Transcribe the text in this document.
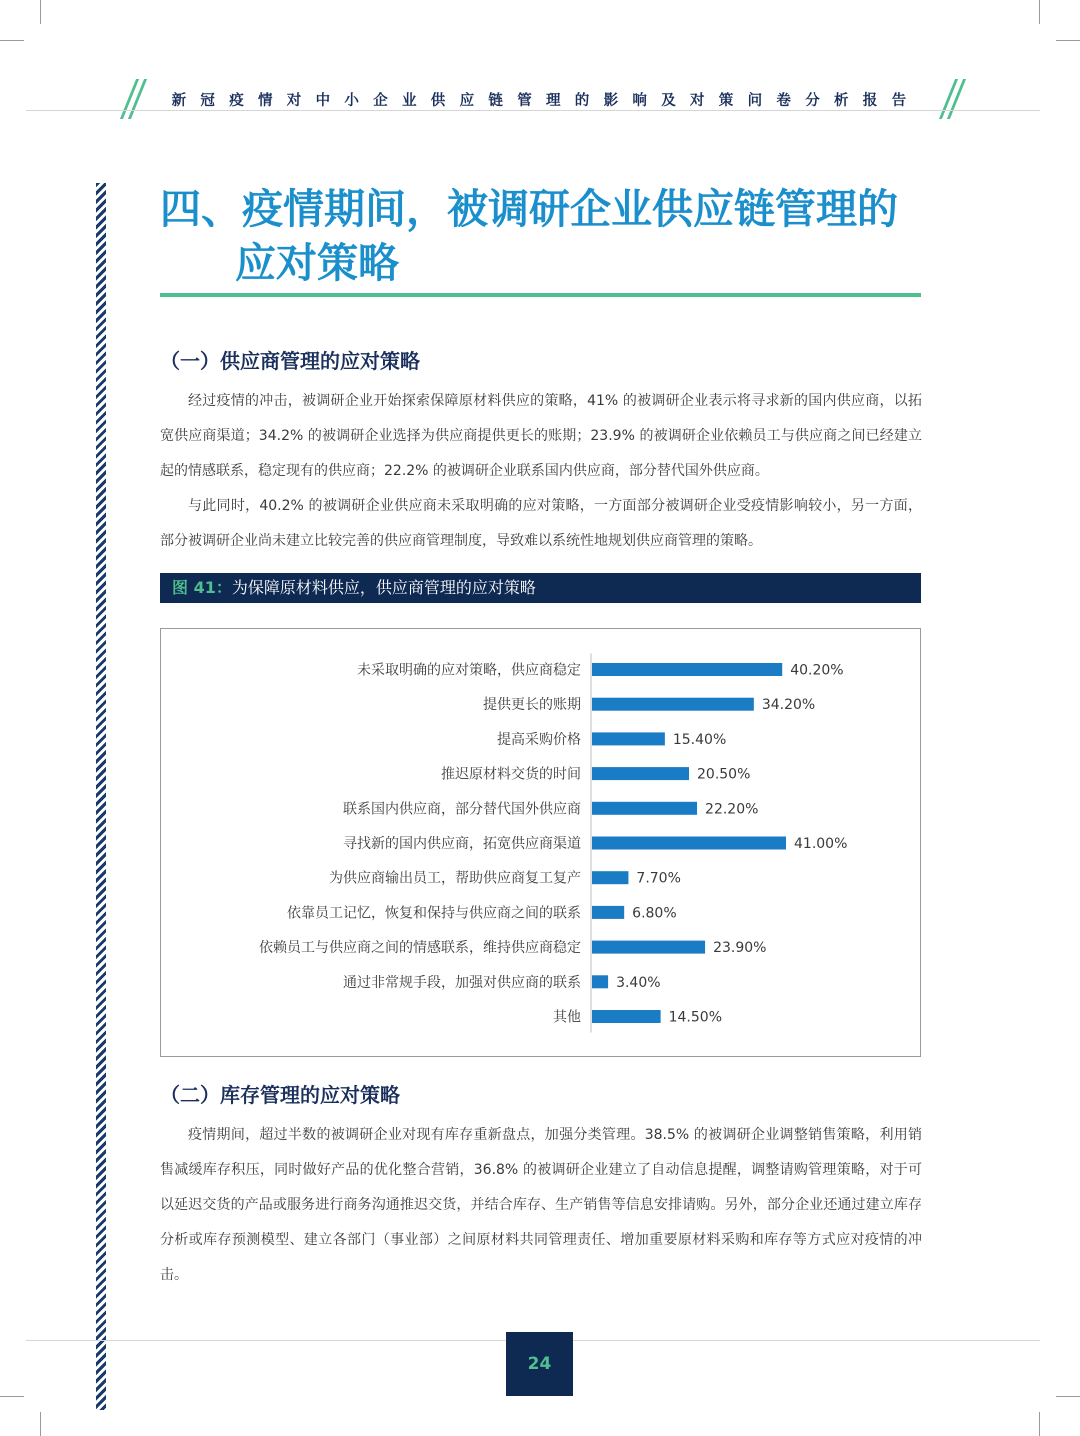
新冠疫情对中小企业供应链管理的影响及对策问卷分析报告
四、疫情期间，被调研企业供应链管理的
应对策略
（一）供应商管理的应对策略

经过疫情的冲击，被调研企业开始探索保障原材料供应的策略，41% 的被调研企业表示将寻求新的国内供应商，以拓宽供应商渠道；34.2% 的被调研企业选择为供应商提供更长的账期；23.9% 的被调研企业依赖员工与供应商之间已经建立起的情感联系，稳定现有的供应商；22.2% 的被调研企业联系国内供应商，部分替代国外供应商。

与此同时，40.2% 的被调研企业供应商未采取明确的应对策略，一方面部分被调研企业受疫情影响较小，另一方面，部分被调研企业尚未建立比较完善的供应商管理制度，导致难以系统性地规划供应商管理的策略。

图 41：为保障原材料供应，供应商管理的应对策略
未采取明确的应对策略，供应商稳定	40.20%
提供更长的账期	34.20%
提高采购价格	15.40%
推迟原材料交货的时间	20.50%
联系国内供应商，部分替代国外供应商	22.20%
寻找新的国内供应商，拓宽供应商渠道	41.00%
为供应商输出员工，帮助供应商复工复产	7.70%
依靠员工记忆，恢复和保持与供应商之间的联系	6.80%
依赖员工与供应商之间的情感联系，维持供应商稳定	23.90%
通过非常规手段，加强对供应商的联系	3.40%
其他	14.50%
（二）库存管理的应对策略

疫情期间，超过半数的被调研企业对现有库存重新盘点，加强分类管理。38.5% 的被调研企业调整销售策略，利用销售减缓库存积压，同时做好产品的优化整合营销，36.8% 的被调研企业建立了自动信息提醒，调整请购管理策略，对于可以延迟交货的产品或服务进行商务沟通推迟交货，并结合库存、生产销售等信息安排请购。另外，部分企业还通过建立库存分析或库存预测模型、建立各部门（事业部）之间原材料共同管理责任、增加重要原材料采购和库存等方式应对疫情的冲击。

24
